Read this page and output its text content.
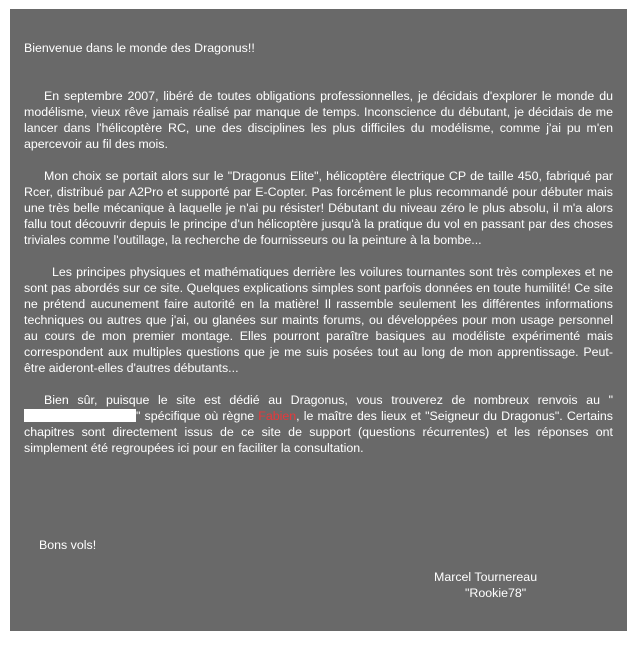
Bienvenue dans le monde des Dragonus!!

En septembre 2007, libéré de toutes obligations professionnelles, je décidais d'explorer le monde du modélisme, vieux rêve jamais réalisé par manque de temps. Inconscience du débutant, je décidais de me lancer dans l'hélicoptère RC, une des disciplines les plus difficiles du modélisme, comme j'ai pu m'en apercevoir au fil des mois.

Mon choix se portait alors sur le "Dragonus Elite", hélicoptère électrique CP de taille 450, fabriqué par Rcer, distribué par A2Pro et supporté par E-Copter. Pas forcément le plus recommandé pour débuter mais une très belle mécanique à laquelle je n'ai pu résister! Débutant du niveau zéro le plus absolu, il m'a alors fallu tout découvrir depuis le principe d'un hélicoptère jusqu'à la pratique du vol en passant par des choses triviales comme l'outillage, la recherche de fournisseurs ou la peinture à la bombe...

Les principes physiques et mathématiques derrière les voilures tournantes sont très complexes et ne sont pas abordés sur ce site. Quelques explications simples sont parfois données en toute humilité! Ce site ne prétend aucunement faire autorité en la matière! Il rassemble seulement les différentes informations techniques ou autres que j'ai, ou glanées sur maints forums, ou développées pour mon usage personnel au cours de mon premier montage. Elles pourront paraître basiques au modéliste expérimenté mais correspondent aux multiples questions que je me suis posées tout au long de mon apprentissage. Peut-être aideront-elles d'autres débutants...

Bien sûr, puisque le site est dédié au Dragonus, vous trouverez de nombreux renvois au "" spécifique où règne Fabien, le maître des lieux et "Seigneur du Dragonus". Certains chapitres sont directement issus de ce site de support (questions récurrentes) et les réponses ont simplement été regroupées ici pour en faciliter la consultation.

Bons vols!

Marcel Tournereau
"Rookie78"
